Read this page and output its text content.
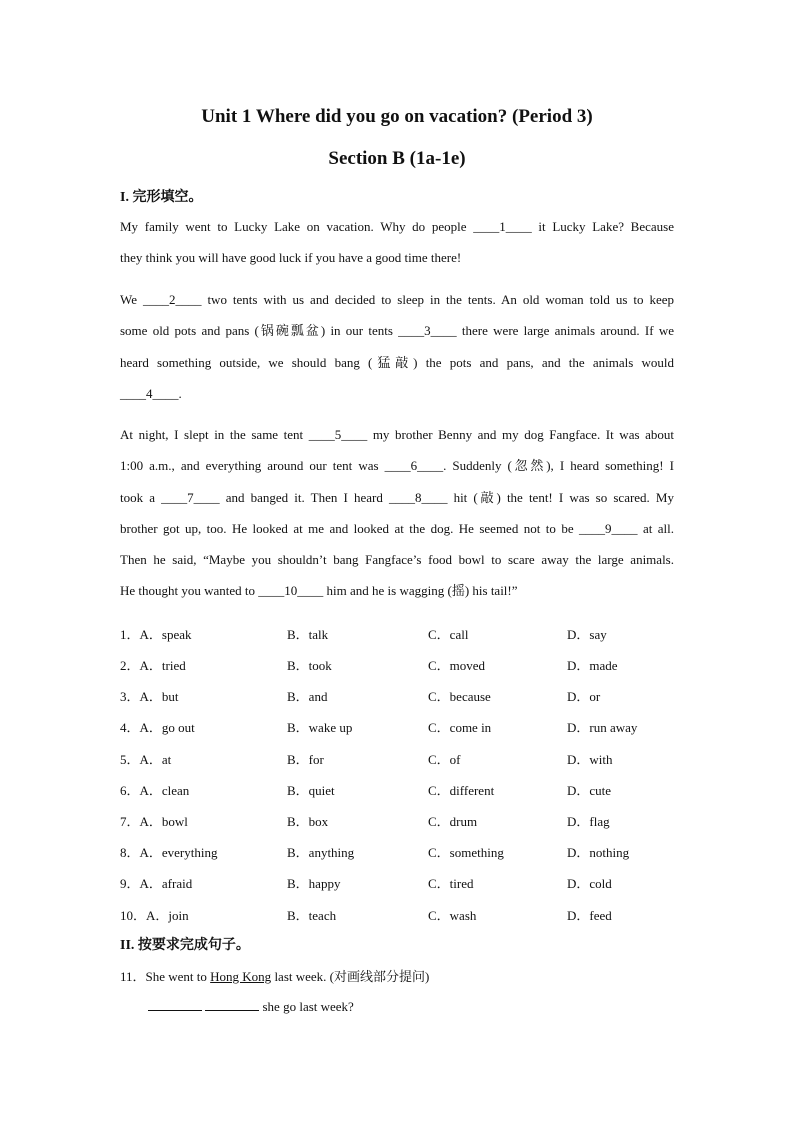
Unit 1 Where did you go on vacation? (Period 3)
Section B (1a-1e)
I. 完形填空。
My family went to Lucky Lake on vacation. Why do people ____1____ it Lucky Lake? Because
they think you will have good luck if you have a good time there!
We ____2____ two tents with us and decided to sleep in the tents. An old woman told us to keep
some old pots and pans (锅碗瓢盆) in our tents ____3____ there were large animals around. If we
heard something outside, we should bang (猛敲) the pots and pans, and the animals would
____4____.
At night, I slept in the same tent ____5____ my brother Benny and my dog Fangface. It was about
1:00 a.m., and everything around our tent was ____6____. Suddenly (忽然), I heard something! I
took a ____7____ and banged it. Then I heard ____8____ hit (敲) the tent! I was so scared. My
brother got up, too. He looked at me and looked at the dog. He seemed not to be ____9____ at all.
Then he said, “Maybe you shouldn’t bang Fangface’s food bowl to scare away the large animals.
He thought you wanted to ____10____ him and he is wagging (摇) his tail!”
1．A．speak	B．talk	C．call	D．say
2．A．tried	B．took	C．moved	D．made
3．A．but	B．and	C．because	D．or
4．A．go out	B．wake up	C．come in	D．run away
5．A．at	B．for	C．of	D．with
6．A．clean	B．quiet	C．different	D．cute
7．A．bowl	B．box	C．drum	D．flag
8．A．everything	B．anything	C．something	D．nothing
9．A．afraid	B．happy	C．tired	D．cold
10．A．join	B．teach	C．wash	D．feed
II. 按要求完成句子。
11．She went to Hong Kong last week. (对画线部分提问)
she go last week?
